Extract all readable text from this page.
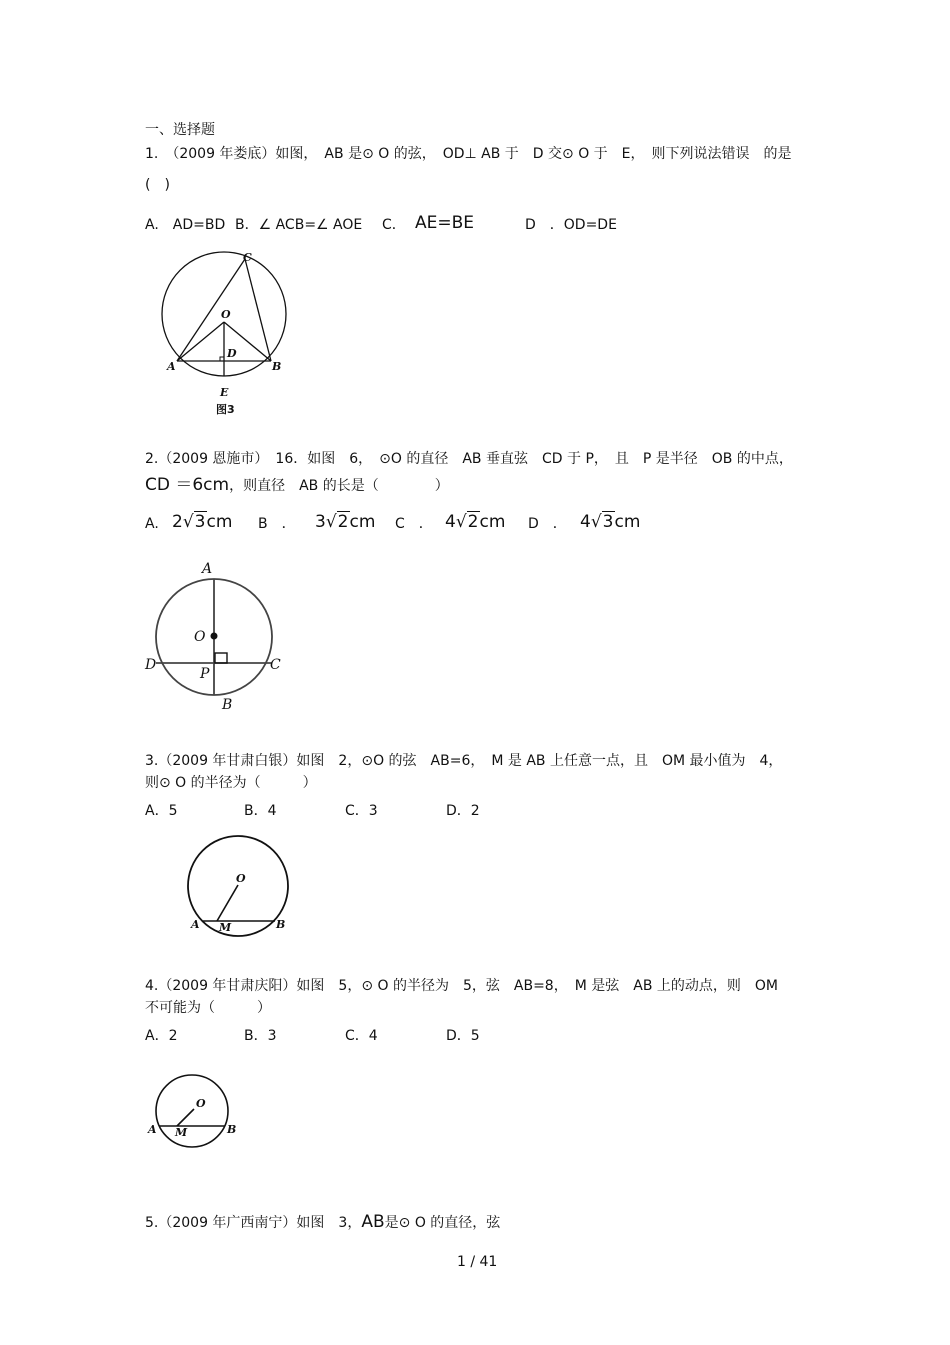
一、选择题
1.　（2009 年娄底）如图，　AB 是⊙ O 的弦，　OD⊥ AB 于　D 交⊙ O 于　E，　则下列说法错误　的是
(　)
A.　AD=BD B．∠ ACB=∠ AOE C． AE=BE	D　．OD=DE
C
O
D
A	B
E
图3
2.（2009 恩施市）　16．如图　6，　⊙O 的直径　AB 垂直弦　CD 于 P，　且　P 是半径　OB 的中点，
CD ＝6cm，则直径　AB 的长是（　　　　）
A. 2√3cm B　． 3√2cm C　． 4√2cm D　． 4√3cm
A
O
D	C
P
B
3.（2009 年甘肃白银）如图　2，⊙O 的弦　AB=6，　M 是 AB 上任意一点，且　OM 最小值为　4，
则⊙ O 的半径为（　　　）
A．5	B．4	C．3	D．2
O
A M	B
4.（2009 年甘肃庆阳）如图　5，⊙ O 的半径为　5，弦　AB=8，　M 是弦　AB 上的动点，则　OM
不可能为（　　　）
A．2	B．3	C．4	D．5
O
A M	B
5.（2009 年广西南宁）如图　3，AB是⊙ O 的直径，弦
1 / 41
